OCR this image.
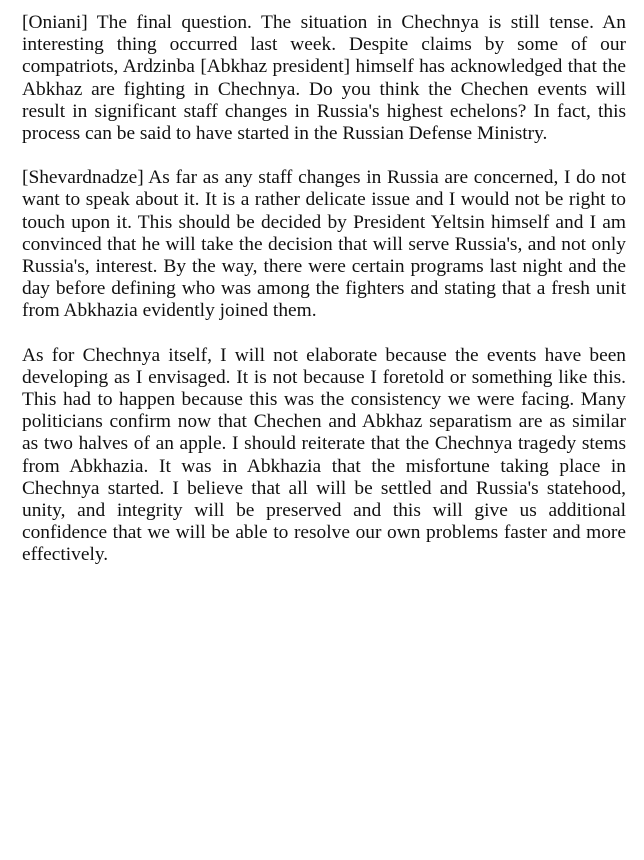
[Oniani] The final question. The situation in Chechnya is still tense. An interesting thing occurred last week. Despite claims by some of our compatriots, Ardzinba [Abkhaz president] himself has acknowledged that the Abkhaz are fighting in Chechnya. Do you think the Chechen events will result in significant staff changes in Russia's highest echelons? In fact, this process can be said to have started in the Russian Defense Ministry.

[Shevardnadze] As far as any staff changes in Russia are concerned, I do not want to speak about it. It is a rather delicate issue and I would not be right to touch upon it. This should be decided by President Yeltsin himself and I am convinced that he will take the decision that will serve Russia's, and not only Russia's, interest. By the way, there were certain programs last night and the day before defining who was among the fighters and stating that a fresh unit from Abkhazia evidently joined them.

As for Chechnya itself, I will not elaborate because the events have been developing as I envisaged. It is not because I foretold or something like this. This had to happen because this was the consistency we were facing. Many politicians confirm now that Chechen and Abkhaz separatism are as similar as two halves of an apple. I should reiterate that the Chechnya tragedy stems from Abkhazia. It was in Abkhazia that the misfortune taking place in Chechnya started. I believe that all will be settled and Russia's statehood, unity, and integrity will be preserved and this will give us additional confidence that we will be able to resolve our own problems faster and more effectively.
